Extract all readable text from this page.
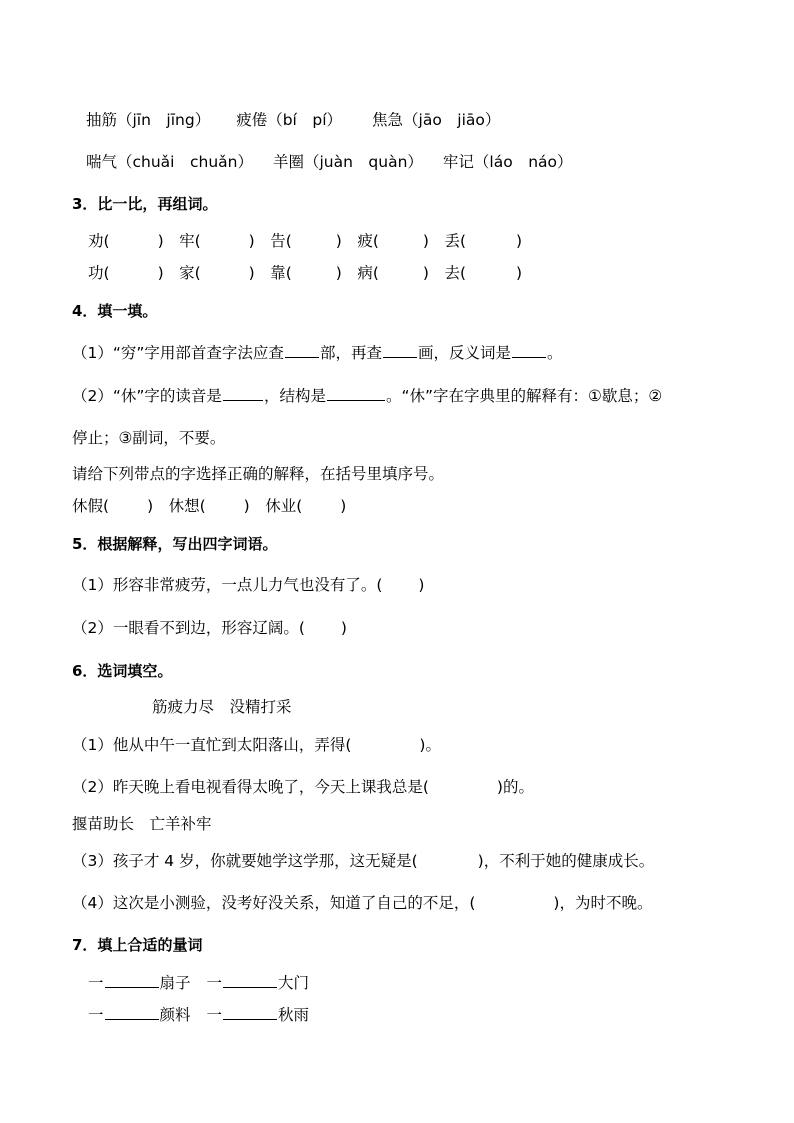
抽筋（jīn　jīng） 疲倦（bí　pí） 焦急（jāo　jiāo）
喘气（chuǎi　chuǎn） 羊圈（juàn　quàn） 牢记（láo　náo）
3．比一比，再组词。
劝(	)　牢(	)　告(	)　疲(	)　丢(	)
功(	)　家(	)　靠(	)　病(	)　去(	)
4．填一填。
（1）“穷”字用部首查字法应查 部，再查 画，反义词是 。
（2）“休”字的读音是	，结构是	。“休”字在字典里的解释有：①歇息；②
停止；③副词，不要。
请给下列带点的字选择正确的解释，在括号里填序号。
休假( )　休想( )　休业( )
5．根据解释，写出四字词语。
（1）形容非常疲劳，一点儿力气也没有了。( )
（2）一眼看不到边，形容辽阔。( )
6．选词填空。
筋疲力尽　没精打采
（1）他从中午一直忙到太阳落山，弄得(	)。
（2）昨天晚上看电视看得太晚了，今天上课我总是(	)的。
揠苗助长　亡羊补牢
（3）孩子才 4 岁，你就要她学这学那，这无疑是(	)，不利于她的健康成长。
（4）这次是小测验，没考好没关系，知道了自己的不足，(	)，为时不晚。
7．填上合适的量词
一	扇子 一	大门
一	颜料 一	秋雨
